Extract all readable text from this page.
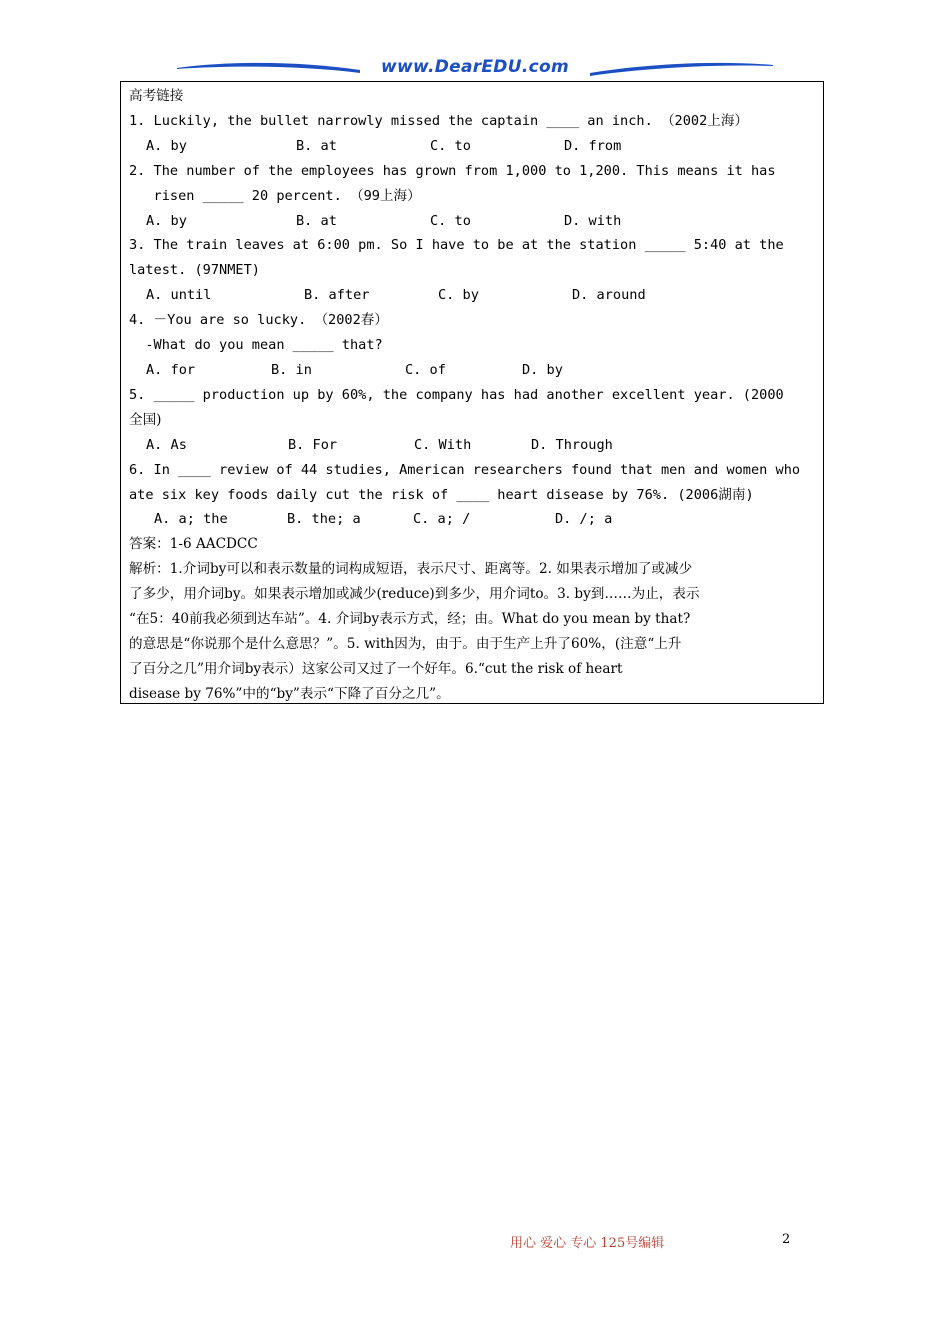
www.DearEDU.com

高考链接

1. Luckily, the bullet narrowly missed the captain ____ an inch. （2002上海）

A. by	B. at	C. to	D. from

2. The number of the employees has grown from 1,000 to 1,200. This means it has

risen _____ 20 percent. （99上海）

A. by	B. at	C. to	D. with

3. The train leaves at 6:00 pm. So I have to be at the station _____ 5:40 at the

latest. (97NMET)

A. until	B. after	C. by	D. around

4. －You are so lucky. （2002春）

-What do you mean _____ that?

A. for	B. in	C. of	D. by

5. _____ production up by 60%, the company has had another excellent year. (2000

全国)

A. As	B. For	C. With	D. Through

6. In ____ review of 44 studies, American researchers found that men and women who

ate six key foods daily cut the risk of ____ heart disease by 76%. (2006湖南)

A. a; the	B. the; a	C. a; /	D. /; a

答案：1-6 AACDCC

解析：1.介词by可以和表示数量的词构成短语，表示尺寸、距离等。2. 如果表示增加了或减少

了多少，用介词by。如果表示增加或减少(reduce)到多少，用介词to。3. by到……为止，表示

“在5：40前我必须到达车站”。4. 介词by表示方式，经；由。What do you mean by that?

的意思是“你说那个是什么意思？”。5. with因为，由于。由于生产上升了60%，(注意“上升

了百分之几”用介词by表示）这家公司又过了一个好年。6.“cut the risk of heart

disease by 76%”中的“by”表示“下降了百分之几”。

用心 爱心 专心 125号编辑	2
